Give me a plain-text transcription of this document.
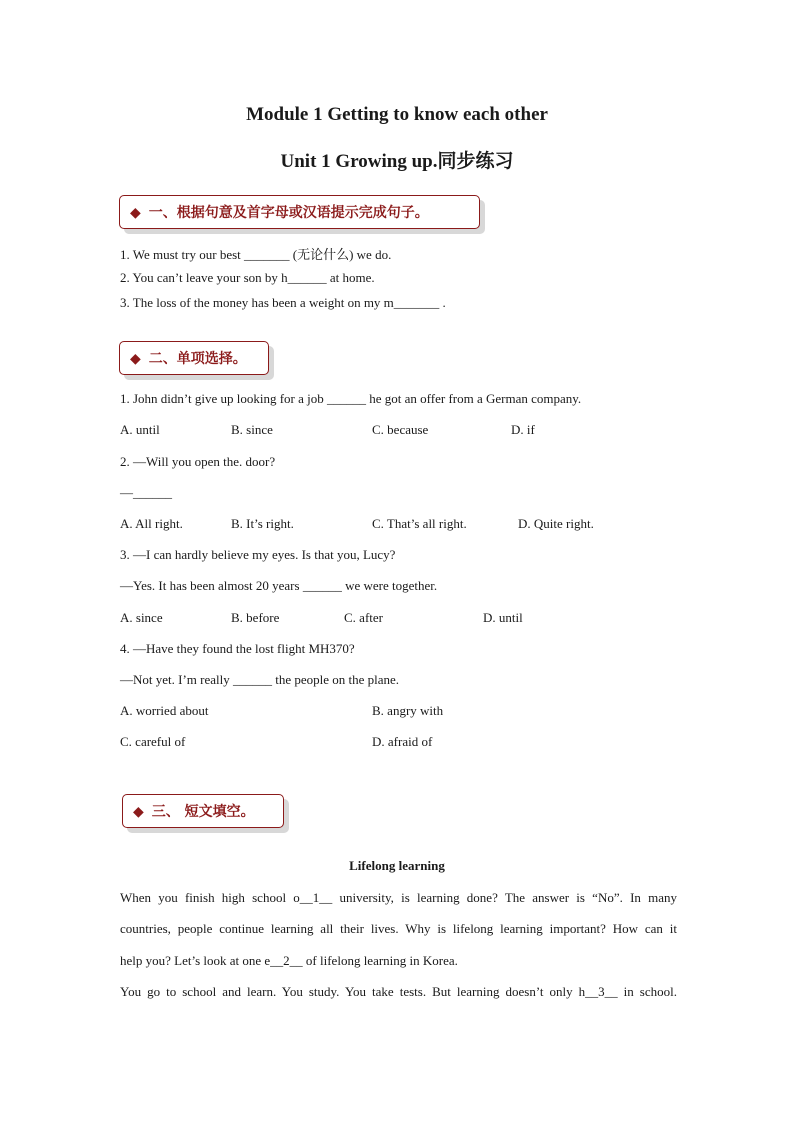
Module 1 Getting to know each other
Unit 1 Growing up.同步练习
◆ 一、根据句意及首字母或汉语提示完成句子。
1. We must try our best _______ (无论什么) we do.
2. You can’t leave your son by h______ at home.
3. The loss of the money has been a weight on my m_______ .
◆ 二、单项选择。
1. John didn’t give up looking for a job ______ he got an offer from a German company.
A. until	B. since	C. because	D. if
2. —Will you open the. door?
—______
A. All right.	B. It’s right.	C. That’s all right.	D. Quite right.
3. —I can hardly believe my eyes. Is that you, Lucy?
—Yes. It has been almost 20 years ______ we were together.
A. since	B. before	C. after	D. until
4. —Have they found the lost flight MH370?
—Not yet. I’m really ______ the people on the plane.
A. worried about	B. angry with
C. careful of	D. afraid of
◆ 三、 短文填空。
Lifelong learning
When you finish high school o__1__ university, is learning done? The answer is “No”. In many
countries, people continue learning all their lives. Why is lifelong learning important? How can it
help you? Let’s look at one e__2__ of lifelong learning in Korea.
You go to school and learn. You study. You take tests. But learning doesn’t only h__3__ in school.
